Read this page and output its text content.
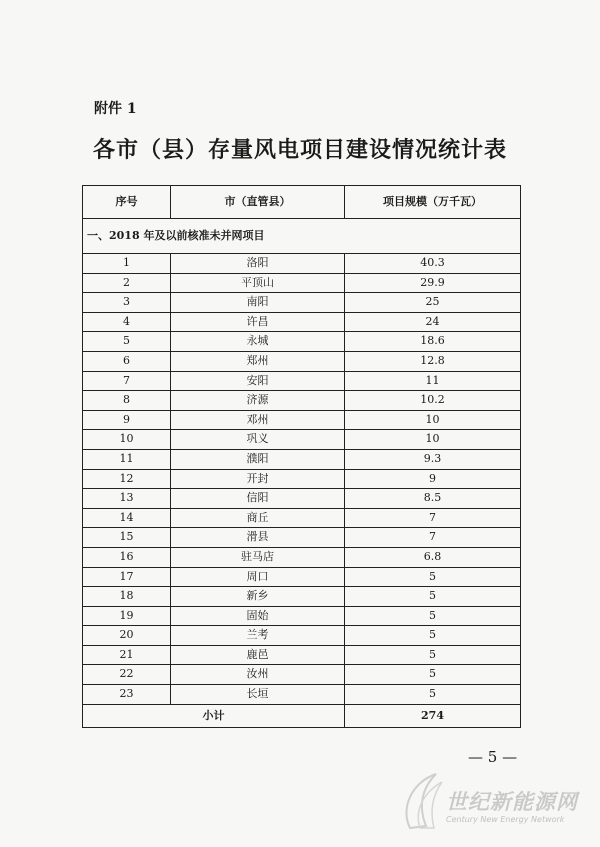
附件 1
各市（县）存量风电项目建设情况统计表
序号	市（直管县）	项目规模（万千瓦）
一、2018 年及以前核准未并网项目		
1	洛阳	40.3
2	平顶山	29.9
3	南阳	25
4	许昌	24
5	永城	18.6
6	郑州	12.8
7	安阳	11
8	济源	10.2
9	邓州	10
10	巩义	10
11	濮阳	9.3
12	开封	9
13	信阳	8.5
14	商丘	7
15	滑县	7
16	驻马店	6.8
17	周口	5
18	新乡	5
19	固始	5
20	兰考	5
21	鹿邑	5
22	汝州	5
23	长垣	5
小计		274
— 5 —
世纪新能源网
Century New Energy Network
